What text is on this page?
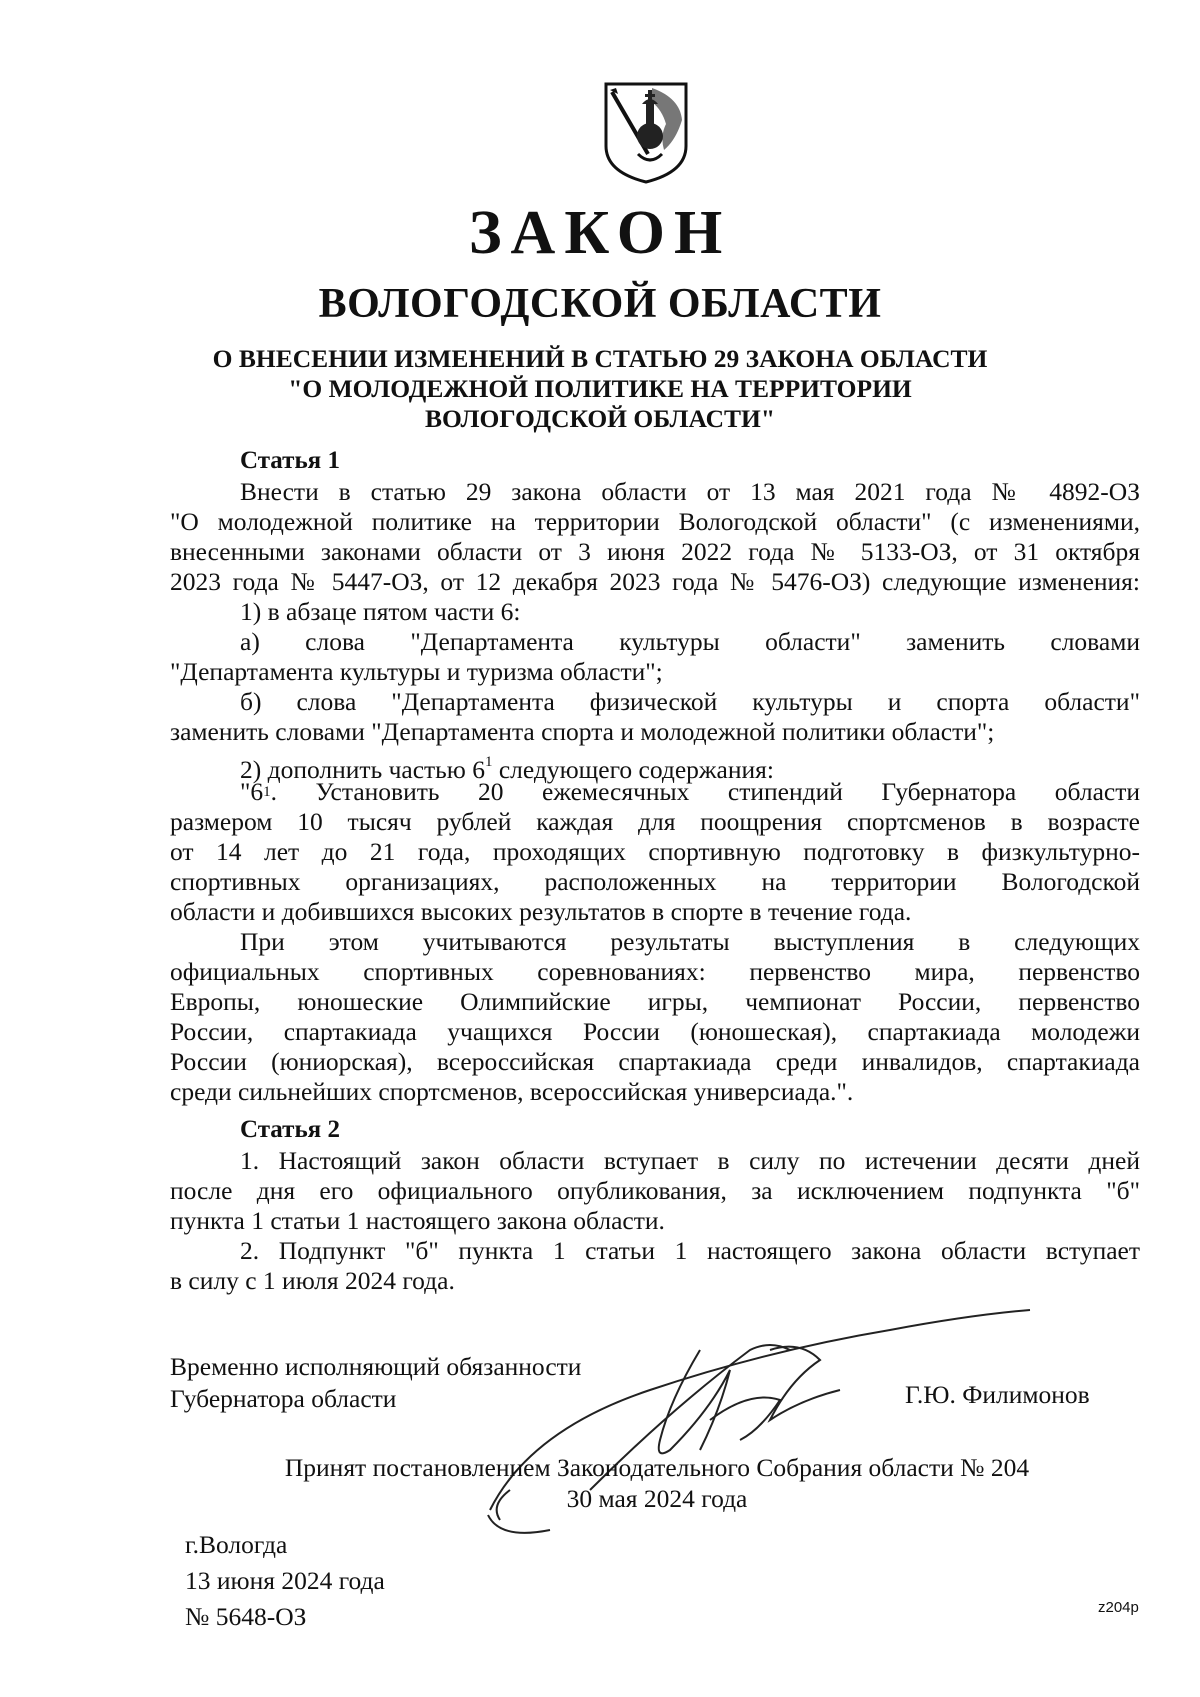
ЗАКОН
ВОЛОГОДСКОЙ ОБЛАСТИ
О ВНЕСЕНИИ ИЗМЕНЕНИЙ В СТАТЬЮ 29 ЗАКОНА ОБЛАСТИ
"О МОЛОДЕЖНОЙ ПОЛИТИКЕ НА ТЕРРИТОРИИ
ВОЛОГОДСКОЙ ОБЛАСТИ"
Статья 1
Внести в статью 29 закона области от 13 мая 2021 года № 4892-ОЗ
"О молодежной политике на территории Вологодской области" (с изменениями,
внесенными законами области от 3 июня 2022 года № 5133-ОЗ, от 31 октября
2023 года № 5447-ОЗ, от 12 декабря 2023 года № 5476-ОЗ) следующие изменения:
1) в абзаце пятом части 6:
а) слова "Департамента культуры области" заменить словами
"Департамента культуры и туризма области";
б) слова "Департамента физической культуры и спорта области"
заменить словами "Департамента спорта и молодежной политики области";
2) дополнить частью $6^1$ следующего содержания:
"6 1 . Установить 20 ежемесячных стипендий Губернатора области
размером 10 тысяч рублей каждая для поощрения спортсменов в возрасте
от 14 лет до 21 года, проходящих спортивную подготовку в физкультурно-
спортивных организациях, расположенных на территории Вологодской
области и добившихся высоких результатов в спорте в течение года.
При этом учитываются результаты выступления в следующих
официальных спортивных соревнованиях: первенство мира, первенство
Европы, юношеские Олимпийские игры, чемпионат России, первенство
России, спартакиада учащихся России (юношеская), спартакиада молодежи
России (юниорская), всероссийская спартакиада среди инвалидов, спартакиада
среди сильнейших спортсменов, всероссийская универсиада.".
Статья 2
1. Настоящий закон области вступает в силу по истечении десяти дней
после дня его официального опубликования, за исключением подпункта "б"
пункта 1 статьи 1 настоящего закона области.
2. Подпункт "б" пункта 1 статьи 1 настоящего закона области вступает
в силу с 1 июля 2024 года.
Временно исполняющий обязанности
Губернатора области	Г.Ю. Филимонов
Принят постановлением Законодательного Собрания области № 204
30 мая 2024 года
г.Вологда
13 июня 2024 года
№ 5648-ОЗ	z204р
